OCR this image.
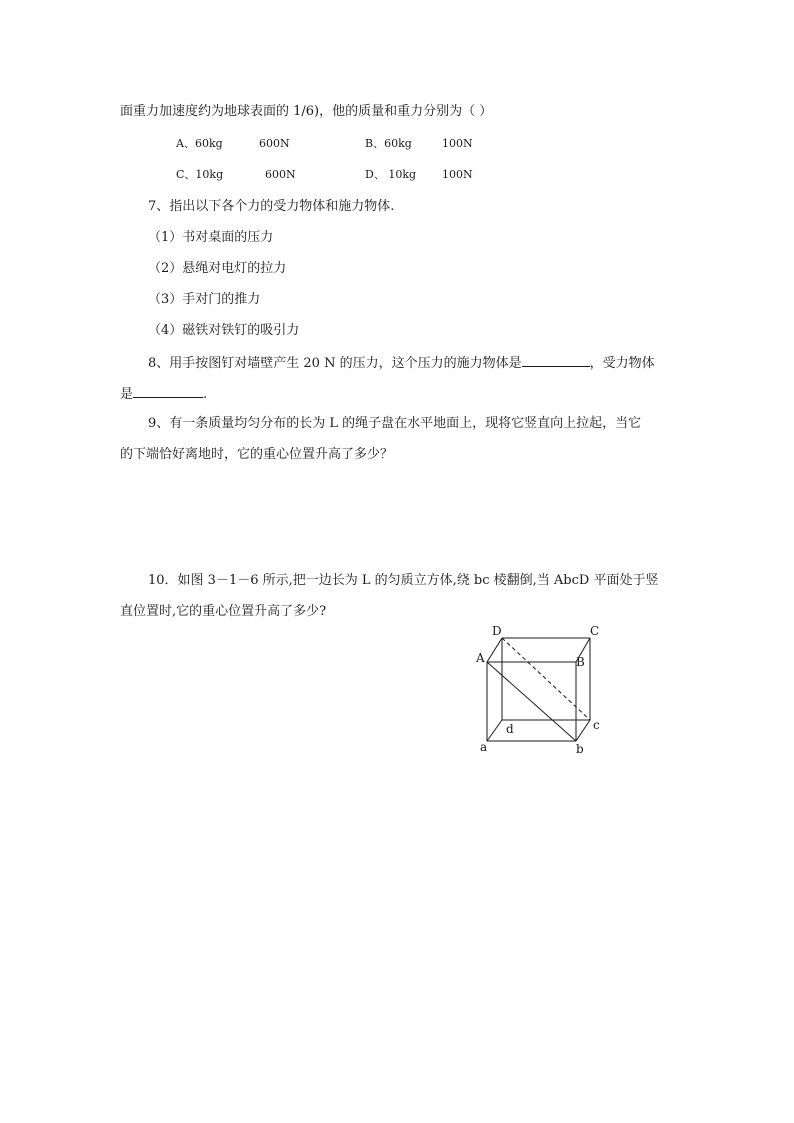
面重力加速度约为地球表面的 1/6)，他的质量和重力分别为（ ）
A、60kg	600N	B、60kg	100N
C、10kg	600N	D、 10kg 100N
7、指出以下各个力的受力物体和施力物体.
（1）书对桌面的压力
（2）悬绳对电灯的拉力
（3）手对门的推力
（4）磁铁对铁钉的吸引力
8、用手按图钉对墙壁产生 20 N 的压力，这个压力的施力物体是	，受力物体
是	.
9、有一条质量均匀分布的长为 L 的绳子盘在水平地面上，现将它竖直向上拉起，当它
的下端恰好离地时，它的重心位置升高了多少？
10．如图 3－1－6 所示,把一边长为 L 的匀质立方体,绕 bc 棱翻倒,当 AbcD 平面处于竖
直位置时,它的重心位置升高了多少?
D	C
A	B
d	c
a	b
